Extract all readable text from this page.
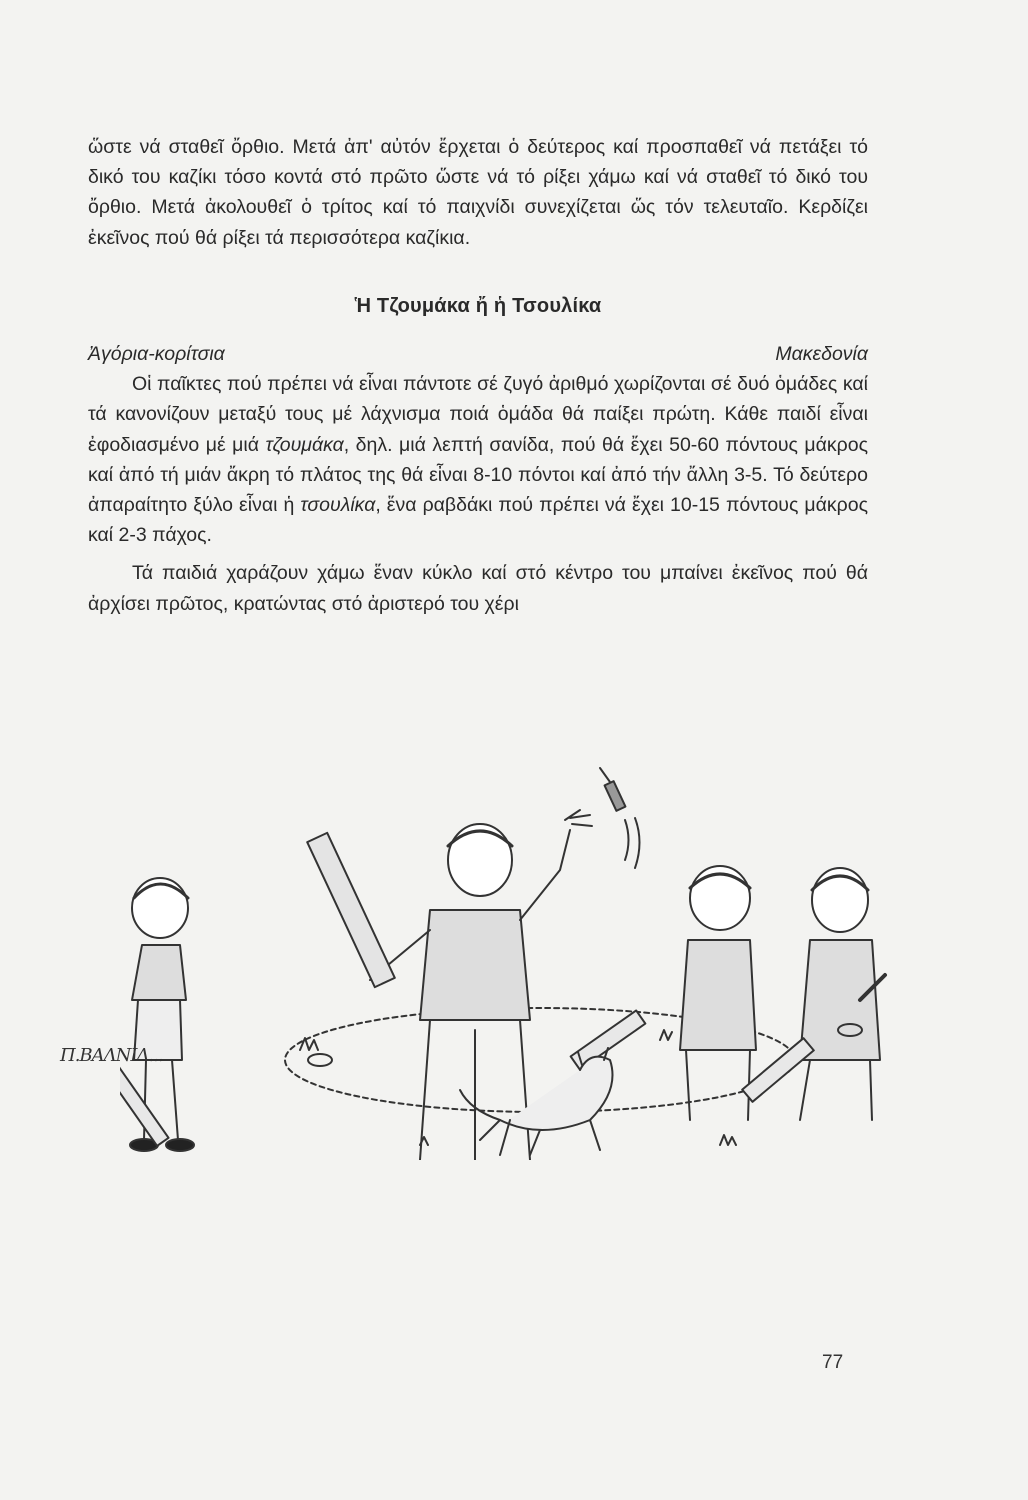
ὥστε νά σταθεῖ ὄρθιο. Μετά ἀπ' αὐτόν ἔρχεται ὁ δεύτερος καί προσπαθεῖ νά πετάξει τό δικό του καζίκι τόσο κοντά στό πρῶτο ὥστε νά τό ρίξει χάμω καί νά σταθεῖ τό δικό του ὄρθιο. Μετά ἀκολουθεῖ ὁ τρίτος καί τό παιχνίδι συνεχίζεται ὥς τόν τελευταῖο. Κερδίζει ἐκεῖνος πού θά ρίξει τά περισσότερα καζίκια.

Ἡ Τζουμάκα ἤ ἡ Τσουλίκα

Ἀγόρια-κορίτσια	Μακεδονία

Οἱ παῖκτες πού πρέπει νά εἶναι πάντοτε σέ ζυγό ἀριθμό χωρίζονται σέ δυό ὁμάδες καί τά κανονίζουν μεταξύ τους μέ λάχνισμα ποιά ὁμάδα θά παίξει πρώτη. Κάθε παιδί εἶναι ἐφοδιασμένο μέ μιά τζουμάκα, δηλ. μιά λεπτή σανίδα, πού θά ἔχει 50-60 πόντους μάκρος καί ἀπό τή μιάν ἄκρη τό πλάτος της θά εἶναι 8-10 πόντοι καί ἀπό τήν ἄλλη 3-5. Τό δεύτερο ἀπαραίτητο ξύλο εἶναι ἡ τσουλίκα, ἕνα ραβδάκι πού πρέπει νά ἔχει 10-15 πόντους μάκρος καί 2-3 πάχος.

Τά παιδιά χαράζουν χάμω ἕναν κύκλο καί στό κέντρο του μπαίνει ἐκεῖνος πού θά ἀρχίσει πρῶτος, κρατώντας στό ἀριστερό του χέρι

Π.ΒΑΛΝΙΔ...
77
